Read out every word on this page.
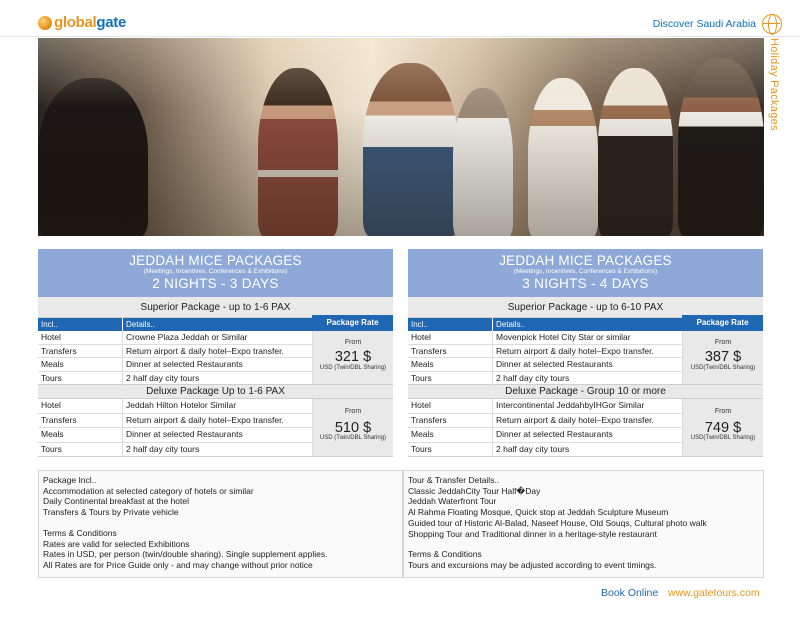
globalgate	Discover Saudi Arabia
Holiday Packages
JEDDAH MICE PACKAGES
(Meetings, Incentives, Conferences & Exhibitions)
2 NIGHTS - 3 DAYS
Superior Package - up to 1-6 PAX
Incl..	Details..	Package Rate
Hotel	Crowne Plaza Jeddah or Similar
Transfers	Return airport & daily hotel–Expo transfer.
Meals	Dinner at selected Restaurants
Tours	2 half day city tours
From
321 $
USD (Twin/DBL Sharing)
Deluxe Package Up to 1-6 PAX
Hotel	Jeddah Hilton Hotelor Similar
Transfers	Return airport & daily hotel–Expo transfer.
Meals	Dinner at selected Restaurants
Tours	2 half day city tours
From
510 $
USD (Twin/DBL Sharing)
JEDDAH MICE PACKAGES
(Meetings, Incentives, Conferences & Exhibitions)
3 NIGHTS - 4 DAYS
Superior Package - up to 6-10 PAX
Incl..	Details..	Package Rate
Hotel	Movenpick Hotel City Star or similar
Transfers	Return airport & daily hotel–Expo transfer.
Meals	Dinner at selected Restaurants
Tours	2 half day city tours
From
387 $
USD(Twin/DBL Sharing)
Deluxe Package - Group 10 or more
Hotel	Intercontinental JeddahbyIHGor Similar
Transfers	Return airport & daily hotel–Expo transfer.
Meals	Dinner at selected Restaurants
Tours	2 half day city tours
From
749 $
USD(Twin/DBL Sharing)

Package Incl..

Accommodation at selected category of hotels or similar

Daily Continental breakfast at the hotel

Transfers & Tours by Private vehicle

Terms & Conditions

Rates are valid for selected Exhibitions

Rates in USD, per person (twin/double sharing). Single supplement applies.

All Rates are for Price Guide only - and may change without prior notice

Tour & Transfer Details..

Classic JeddahCity Tour Half�Day

Jeddah Waterfront Tour

Al Rahma Floating Mosque, Quick stop at Jeddah Sculpture Museum

Guided tour of Historic Al-Balad, Naseef House, Old Souqs, Cultural photo walk

Shopping Tour and Traditional dinner in a heritage-style restaurant

Terms & Conditions

Tours and excursions may be adjusted according to event timings.

Book Online www.gatetours.com
